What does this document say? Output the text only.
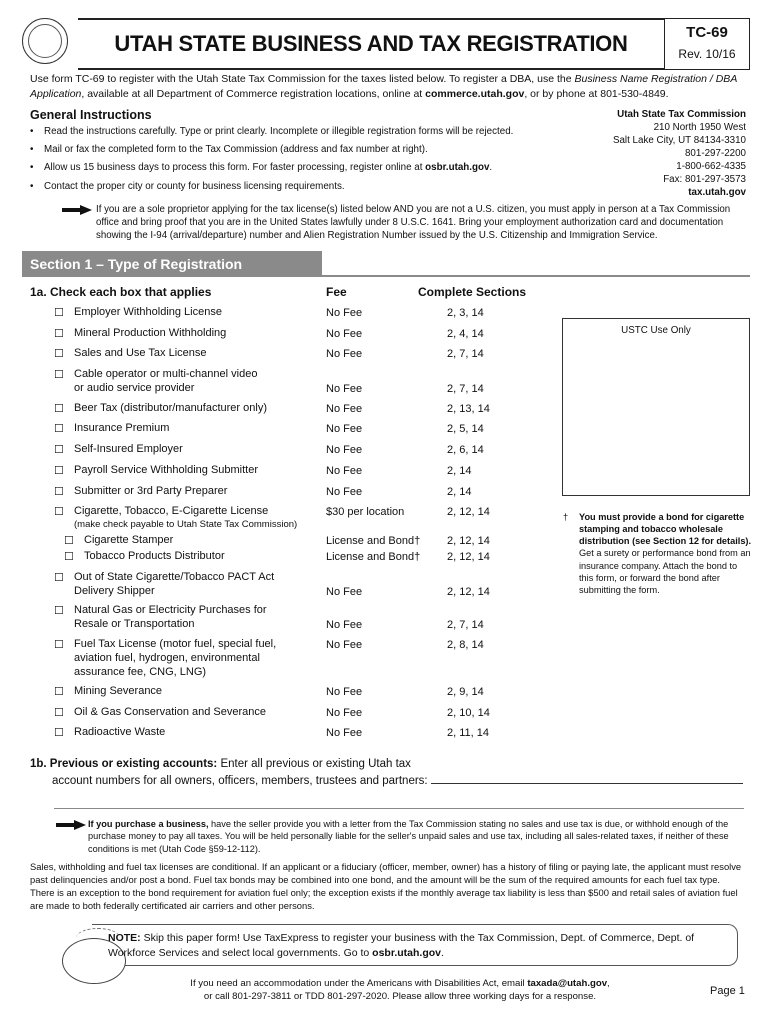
UTAH STATE BUSINESS AND TAX REGISTRATION	TC-69
Rev. 10/16
Use form TC-69 to register with the Utah State Tax Commission for the taxes listed below. To register a DBA, use the Business Name Registration / DBA Application, available at all Department of Commerce registration locations, online at commerce.utah.gov, or by phone at 801-530-4849.
General Instructions
• Read the instructions carefully. Type or print clearly. Incomplete or illegible registration forms will be rejected.
• Mail or fax the completed form to the Tax Commission (address and fax number at right).
• Allow us 15 business days to process this form. For faster processing, register online at osbr.utah.gov.
• Contact the proper city or county for business licensing requirements.
Utah State Tax Commission
210 North 1950 West
Salt Lake City, UT 84134-3310
801-297-2200
1-800-662-4335
Fax: 801-297-3573
tax.utah.gov
If you are a sole proprietor applying for the tax license(s) listed below AND you are not a U.S. citizen, you must apply in person at a Tax Commission office and bring proof that you are in the United States lawfully under 8 U.S.C. 1641. Bring your employment authorization card and documentation showing the I-94 (arrival/departure) number and Alien Registration Number issued by the U.S. Citizenship and Immigration Service.
Section 1 – Type of Registration
1a. Check each box that applies	Fee	Complete Sections
☐ Employer Withholding License	No Fee	2, 3, 14
☐ Mineral Production Withholding	No Fee	2, 4, 14
☐ Sales and Use Tax License	No Fee	2, 7, 14
☐ Cable operator or multi-channel video
or audio service provider	No Fee	2, 7, 14
☐ Beer Tax (distributor/manufacturer only)	No Fee	2, 13, 14
☐ Insurance Premium	No Fee	2, 5, 14
☐ Self-Insured Employer	No Fee	2, 6, 14
☐ Payroll Service Withholding Submitter	No Fee	2, 14
☐ Submitter or 3rd Party Preparer	No Fee	2, 14
☐ Cigarette, Tobacco, E-Cigarette License
(make check payable to Utah State Tax Commission)
$30 per location	2, 12, 14
☐ Cigarette Stamper	License and Bond† 2, 12, 14
☐ Tobacco Products Distributor	License and Bond† 2, 12, 14
☐ Out of State Cigarette/Tobacco PACT Act
Delivery Shipper	No Fee	2, 12, 14
☐ Natural Gas or Electricity Purchases for
Resale or Transportation	No Fee	2, 7, 14
☐ Fuel Tax License (motor fuel, special fuel,
aviation fuel, hydrogen, environmental
assurance fee, CNG, LNG)
No Fee	2, 8, 14
☐ Mining Severance	No Fee	2, 9, 14
☐ Oil & Gas Conservation and Severance	No Fee	2, 10, 14
☐ Radioactive Waste	No Fee	2, 11, 14
USTC Use Only
†	You must provide a bond for cigarette stamping and tobacco wholesale distribution (see Section 12 for details).
Get a surety or performance bond from an insurance company. Attach the bond to this form, or forward the bond after submitting the form.
1b. Previous or existing accounts: Enter all previous or existing Utah tax
account numbers for all owners, officers, members, trustees and partners:
If you purchase a business, have the seller provide you with a letter from the Tax Commission stating no sales and use tax is due, or withhold enough of the purchase money to pay all taxes. You will be held personally liable for the seller's unpaid sales and use tax, including all sales-related taxes, if neither of these conditions is met (Utah Code §59-12-112).
Sales, withholding and fuel tax licenses are conditional. If an applicant or a fiduciary (officer, member, owner) has a history of filing or paying late, the applicant must resolve past delinquencies and/or post a bond. Fuel tax bonds may be combined into one bond, and the amount will be the sum of the required amounts for each fuel tax type. There is an exception to the bond requirement for aviation fuel only; the exception exists if the monthly average tax liability is less than $500 and retail sales of aviation fuel are made to both federally certificated air carriers and other persons.
NOTE: Skip this paper form! Use TaxExpress to register your business with the Tax Commission, Dept. of Commerce, Dept. of Workforce Services and select local governments. Go to osbr.utah.gov.
If you need an accommodation under the Americans with Disabilities Act, email taxada@utah.gov,
or call 801-297-3811 or TDD 801-297-2020. Please allow three working days for a response.	Page 1
